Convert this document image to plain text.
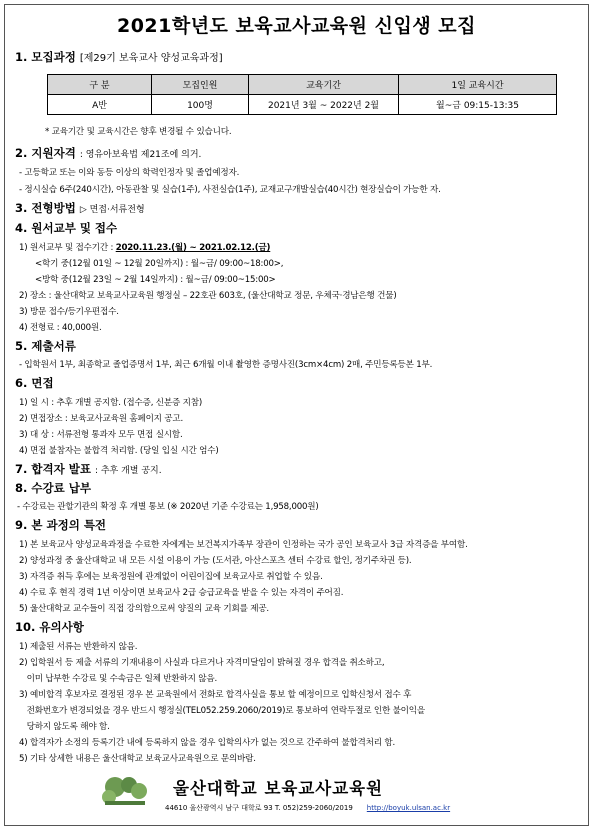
2021학년도 보육교사교육원 신입생 모집
1. 모집과정 [제29기 보육교사 양성교육과정]
구 분	모집인원	교육기간	1일 교육시간
A반	100명	2021년 3월 ~ 2022년 2월	월~금 09:15-13:35
* 교육기간 및 교육시간은 향후 변경될 수 있습니다.
2. 지원자격 : 영유아보육법 제21조에 의거.
- 고등학교 또는 이와 동등 이상의 학력인정자 및 졸업예정자.
- 정시실습 6주(240시간), 아동관찰 및 실습(1주), 사전실습(1주), 교재교구개발실습(40시간) 현장실습이 가능한 자.
3. 전형방법 ▷ 면접·서류전형
4. 원서교부 및 접수
1) 원서교부 및 접수기간 : 2020.11.23.(월) ~ 2021.02.12.(금)
<학기 중(12월 01일 ~ 12월 20일까지) : 월~금/ 09:00~18:00>,
<방학 중(12월 23일 ~ 2월 14일까지) : 월~금/ 09:00~15:00>
2) 장소 : 울산대학교 보육교사교육원 행정실 – 22호관 603호, (울산대학교 정문, 우체국·경남은행 건물)
3) 방문 접수/등기우편접수.
4) 전형료 : 40,000원.
5. 제출서류
- 입학원서 1부, 최종학교 졸업증명서 1부, 최근 6개월 이내 촬영한 증명사진(3cm×4cm) 2매, 주민등록등본 1부.
6. 면접
1) 일 시 : 추후 개별 공지함. (접수증, 신분증 지참)
2) 면접장소 : 보육교사교육원 홈페이지 공고.
3) 대 상 : 서류전형 통과자 모두 면접 실시함.
4) 면접 불참자는 불합격 처리함. (당일 입실 시간 엄수)
7. 합격자 발표 : 추후 개별 공지.
8. 수강료 납부
- 수강료는 관할기관의 확정 후 개별 통보 (※ 2020년 기준 수강료는 1,958,000원)
9. 본 과정의 특전
1) 본 보육교사 양성교육과정을 수료한 자에게는 보건복지가족부 장관이 인정하는 국가 공인 보육교사 3급 자격증을 부여함.
2) 양성과정 중 울산대학교 내 모든 시설 이용이 가능 (도서관, 아산스포츠 센터 수강료 할인, 정기주차권 등).
3) 자격증 취득 후에는 보육정원에 관계없이 어린이집에 보육교사로 취업할 수 있음.
4) 수료 후 현직 경력 1년 이상이면 보육교사 2급 승급교육을 받을 수 있는 자격이 주어짐.
5) 울산대학교 교수들이 직접 강의함으로써 양질의 교육 기회를 제공.
10. 유의사항
1) 제출된 서류는 반환하지 않음.
2) 입학원서 등 제출 서류의 기재내용이 사실과 다르거나 자격미달임이 밝혀질 경우 합격을 취소하고,
이미 납부한 수강료 및 수속금은 일체 반환하지 않음.
3) 예비합격 후보자로 결정된 경우 본 교육원에서 전화로 합격사실을 통보 할 예정이므로 입학신청서 접수 후
전화번호가 변경되었을 경우 반드시 행정실(TEL052.259.2060/2019)로 통보하여 연락두절로 인한 불이익을
당하지 않도록 해야 함.
4) 합격자가 소정의 등록기간 내에 등록하지 않을 경우 입학의사가 없는 것으로 간주하여 불합격처리 함.
5) 기타 상세한 내용은 울산대학교 보육교사교육원으로 문의바람.
울산대학교 보육교사교육원
44610 울산광역시 남구 대학로 93 T. 052)259-2060/2019 http://boyuk.ulsan.ac.kr
